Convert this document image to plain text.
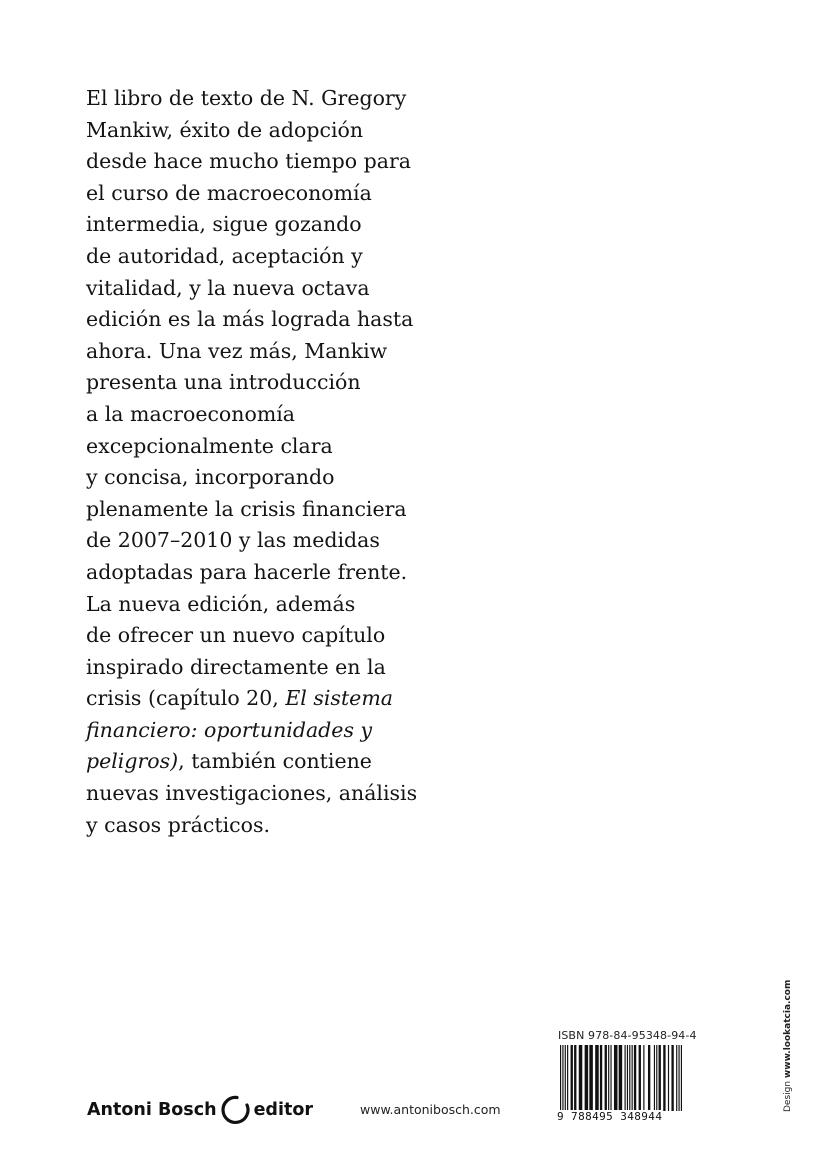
El libro de texto de N. Gregory
Mankiw, éxito de adopción
desde hace mucho tiempo para
el curso de macroeconomía
intermedia, sigue gozando
de autoridad, aceptación y
vitalidad, y la nueva octava
edición es la más lograda hasta
ahora. Una vez más, Mankiw
presenta una introducción
a la macroeconomía
excepcionalmente clara
y concisa, incorporando
plenamente la crisis financiera
de 2007–2010 y las medidas
adoptadas para hacerle frente.
La nueva edición, además
de ofrecer un nuevo capítulo
inspirado directamente en la
crisis (capítulo 20, El sistema
financiero: oportunidades y
peligros), también contiene
nuevas investigaciones, análisis
y casos prácticos.
Antoni Bosch editor	www.antonibosch.com
ISBN 978-84-95348-94-4
9 788495 348944
Design www.lookatcia.com
